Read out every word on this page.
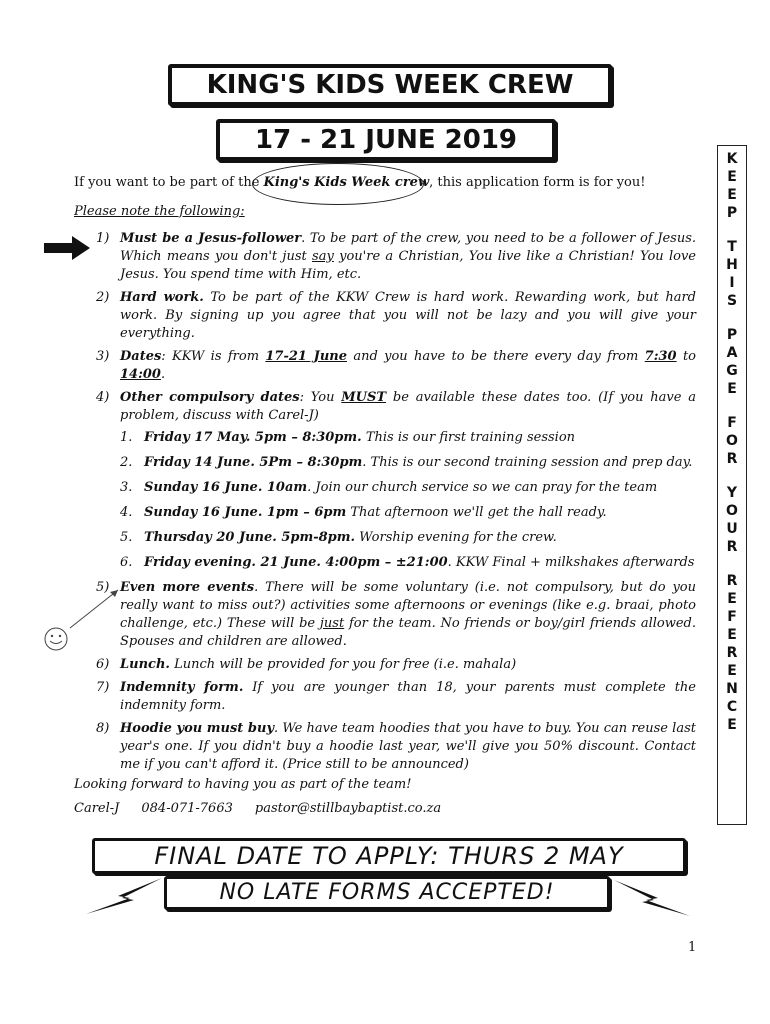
KING'S KIDS WEEK CREW
17 - 21 JUNE 2019
If you want to be part of the King's Kids Week crew, this application form is for you!
Please note the following:
1) Must be a Jesus-follower. To be part of the crew, you need to be a follower of Jesus. Which means you don't just say you're a Christian, You live like a Christian! You love Jesus. You spend time with Him, etc.
2) Hard work. To be part of the KKW Crew is hard work. Rewarding work, but hard work. By signing up you agree that you will not be lazy and you will give your everything.
3) Dates: KKW is from 17-21 June and you have to be there every day from 7:30 to 14:00.
4) Other compulsory dates: You MUST be available these dates too. (If you have a problem, discuss with Carel-J)
1. Friday 17 May. 5pm – 8:30pm. This is our first training session
2. Friday 14 June. 5Pm – 8:30pm. This is our second training session and prep day.
3. Sunday 16 June. 10am. Join our church service so we can pray for the team
4. Sunday 16 June. 1pm – 6pm That afternoon we'll get the hall ready.
5. Thursday 20 June. 5pm-8pm. Worship evening for the crew.
6. Friday evening. 21 June. 4:00pm – ±21:00. KKW Final + milkshakes afterwards
5) Even more events. There will be some voluntary (i.e. not compulsory, but do you really want to miss out?) activities some afternoons or evenings (like e.g. braai, photo challenge, etc.) These will be just for the team. No friends or boy/girl friends allowed. Spouses and children are allowed.
6) Lunch. Lunch will be provided for you for free (i.e. mahala)
7) Indemnity form. If you are younger than 18, your parents must complete the indemnity form.
8) Hoodie you must buy. We have team hoodies that you have to buy. You can reuse last year's one. If you didn't buy a hoodie last year, we'll give you 50% discount. Contact me if you can't afford it. (Price still to be announced)
K
E
E
P

T
H
I
S

P
A
G
E

F
O
R

Y
O
U
R

R
E
F
E
R
E
N
C
E
Looking forward to having you as part of the team!
Carel-J 084-071-7663 pastor@stillbaybaptist.co.za
FINAL DATE TO APPLY: THURS 2 MAY
NO LATE FORMS ACCEPTED!
1
